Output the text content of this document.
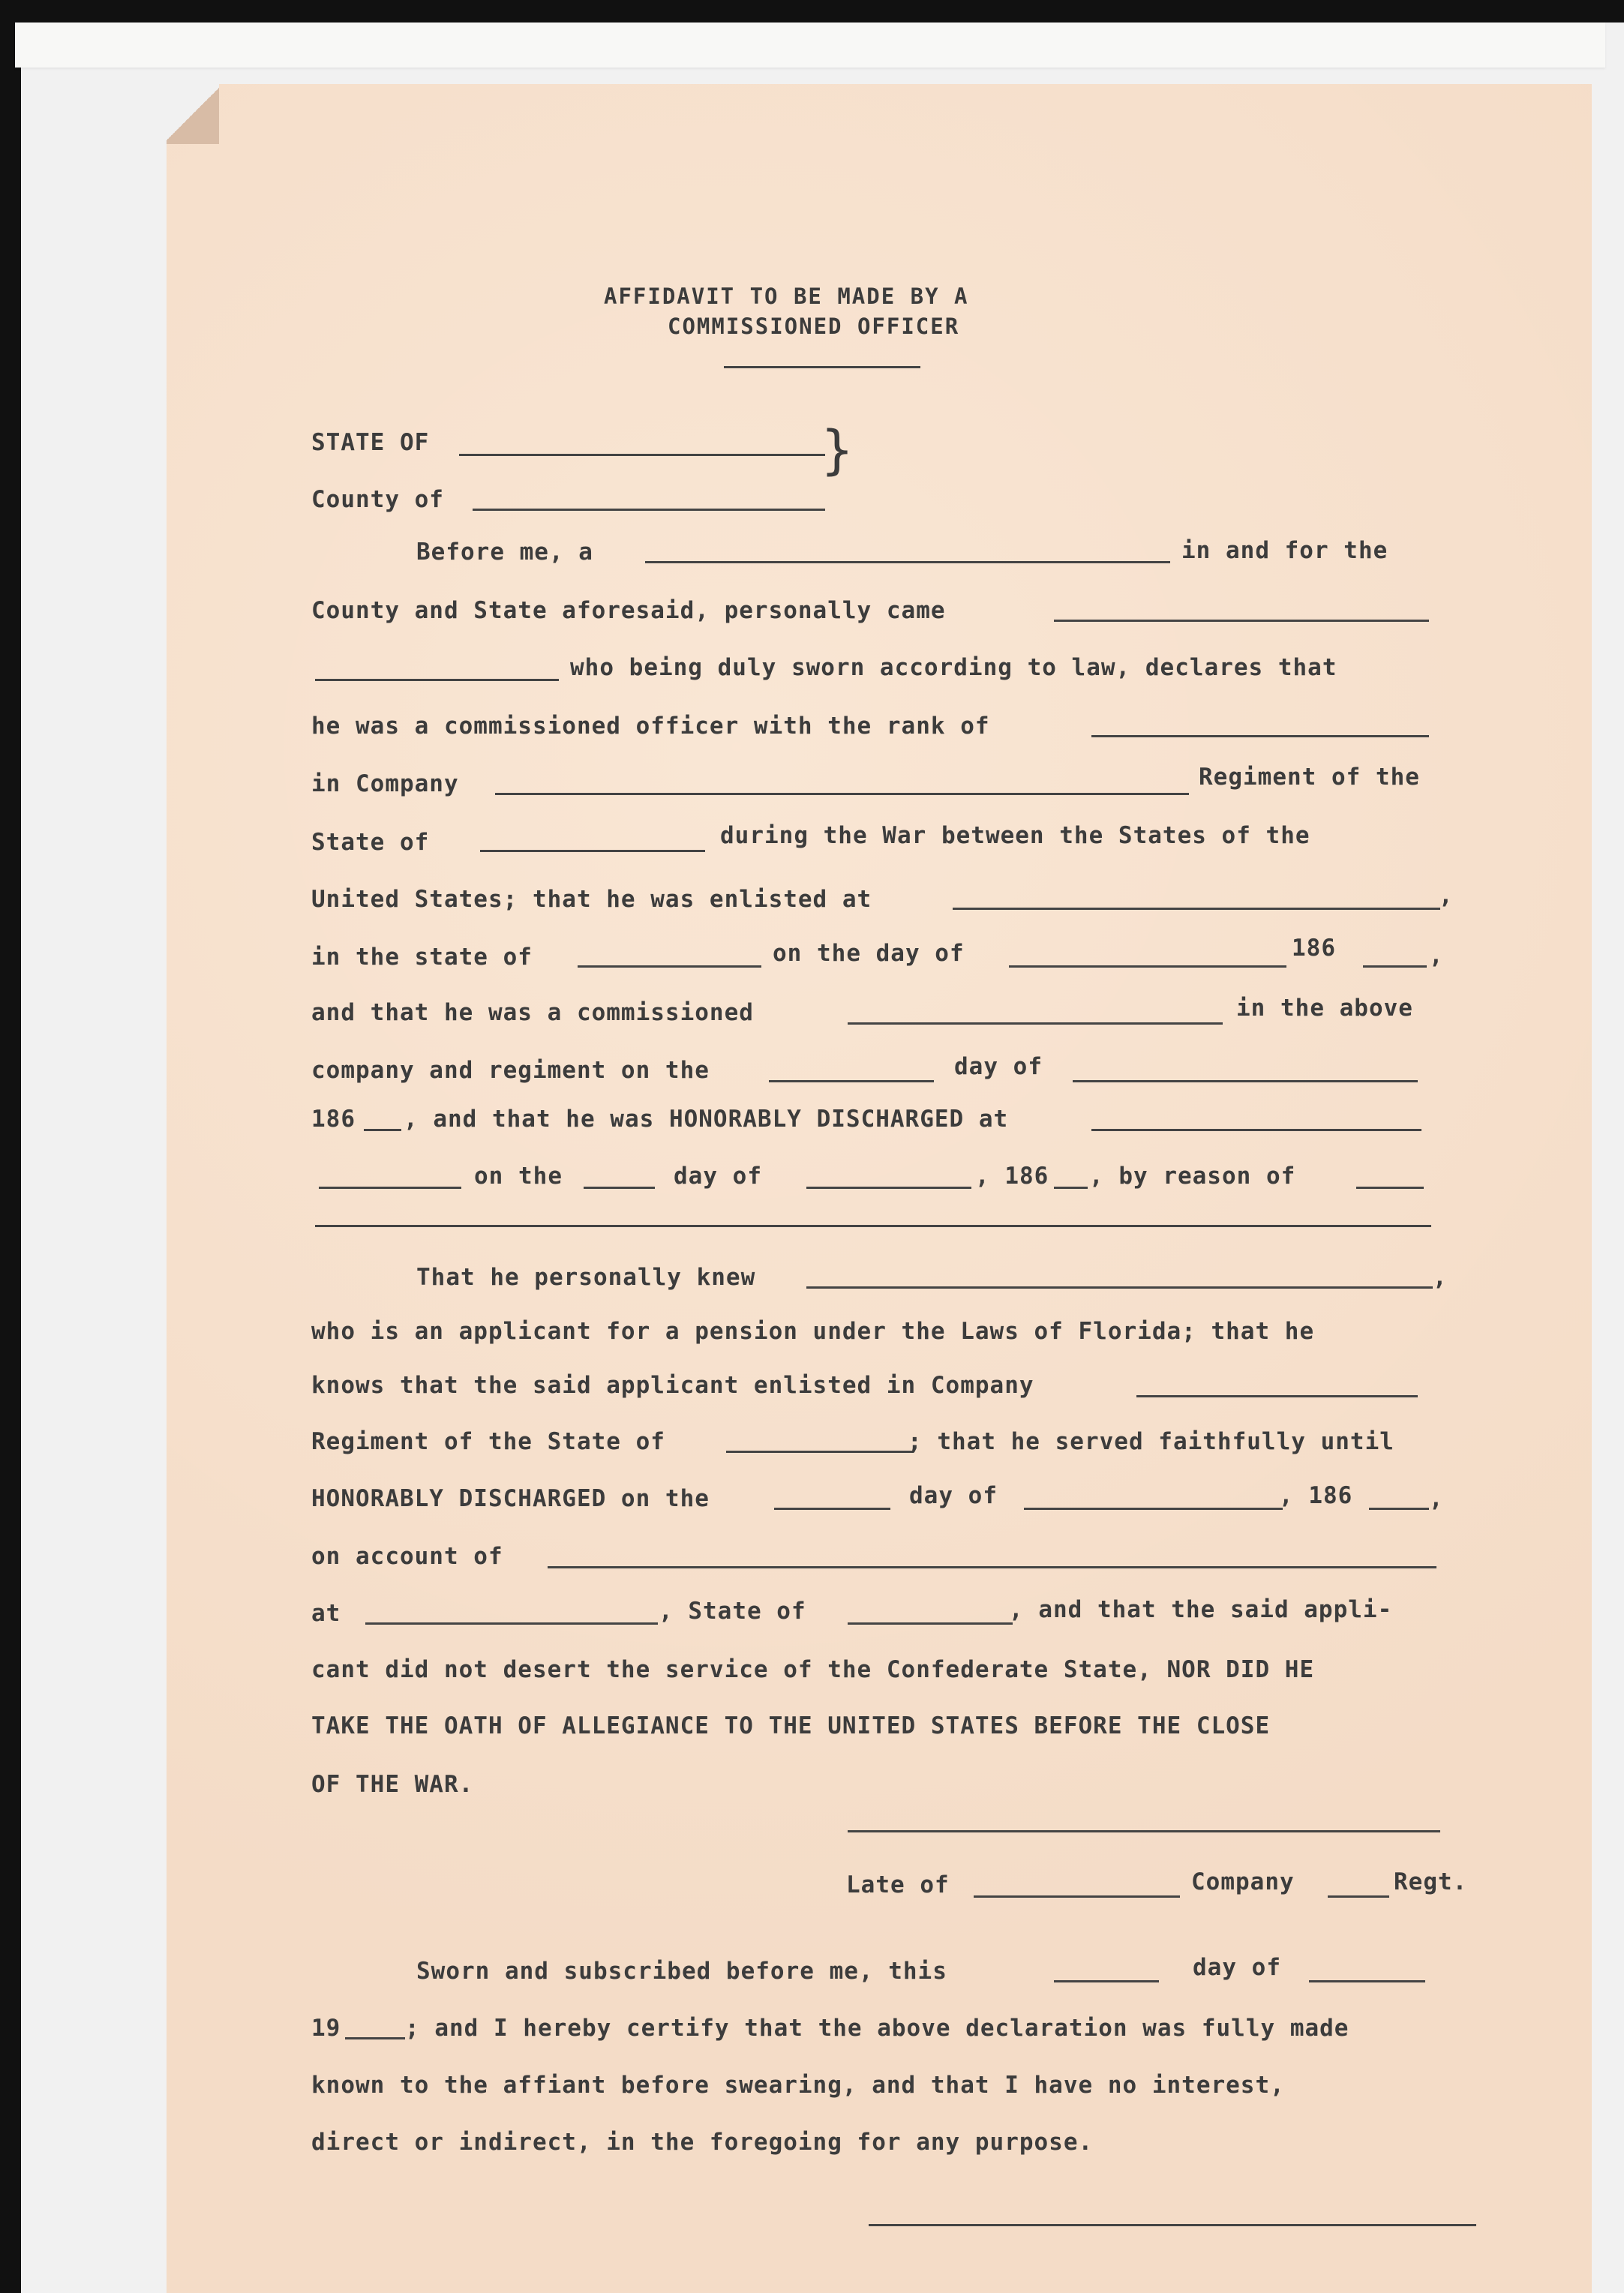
AFFIDAVIT TO BE MADE BY A
COMMISSIONED OFFICER
STATE OF
County of
}
Before me, a	in and for the
County and State aforesaid, personally came
who being duly sworn according to law, declares that
he was a commissioned officer with the rank of
in Company	Regiment of the
State of	during the War between the States of the
United States; that he was enlisted at	,
in the state of	on the day of	186	,
and that he was a commissioned	in the above
company and regiment on the	day of
186 , and that he was HONORABLY DISCHARGED at
on the	day of	, 186 , by reason of
That he personally knew	,
who is an applicant for a pension under the Laws of Florida; that he
knows that the said applicant enlisted in Company
Regiment of the State of	; that he served faithfully until
HONORABLY DISCHARGED on the	day of	, 186	,
on account of
at	, State of	, and that the said appli-
cant did not desert the service of the Confederate State, NOR DID HE
TAKE THE OATH OF ALLEGIANCE TO THE UNITED STATES BEFORE THE CLOSE
OF THE WAR.
Late of	Company	Regt.
Sworn and subscribed before me, this	day of
19	; and I hereby certify that the above declaration was fully made
known to the affiant before swearing, and that I have no interest,
direct or indirect, in the foregoing for any purpose.
